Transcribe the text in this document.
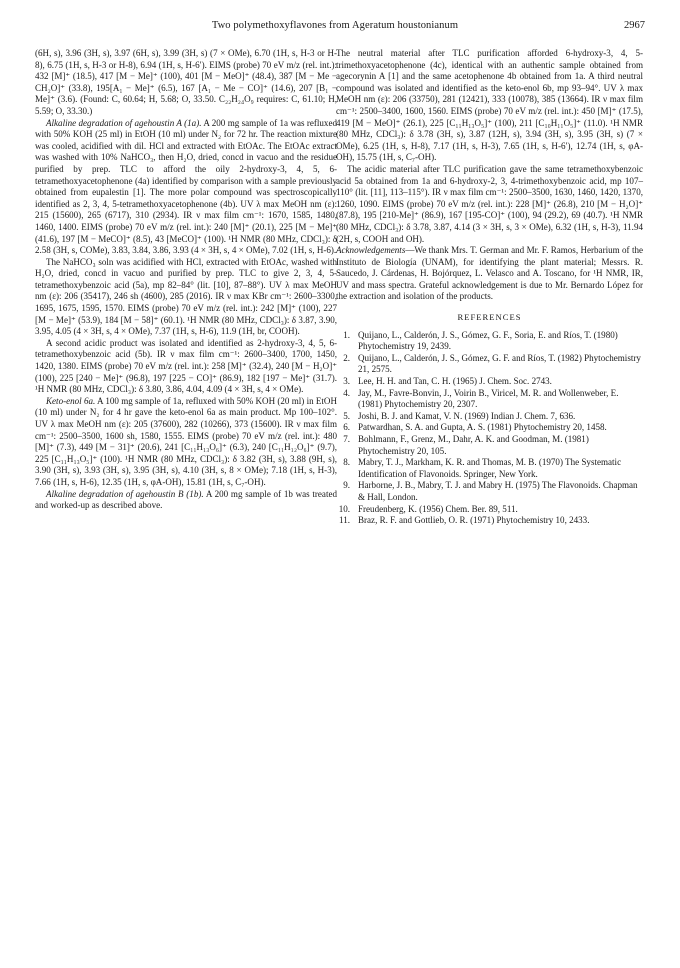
Two polymethoxyflavones from Ageratum houstonianum	2967

(6H, s), 3.96 (3H, s), 3.97 (6H, s), 3.99 (3H, s) (7 × OMe), 6.70 (1H, s, H-3 or H-8), 6.75 (1H, s, H-3 or H-8), 6.94 (1H, s, H-6′). EIMS (probe) 70 eV m/z (rel. int.): 432 [M]⁺ (18.5), 417 [M − Me]⁺ (100), 401 [M − MeO]⁺ (48.4), 387 [M − Me − CH₂O]⁺ (33.8), 195[A₁ − Me]⁺ (6.5), 167 [A₁ − Me − CO]⁺ (14.6), 207 [B₁ − Me]⁺ (3.6). (Found: C, 60.64; H, 5.68; O, 33.50. C₂₂H₂₄O₉ requires: C, 61.10; H, 5.59; O, 33.30.)

Alkaline degradation of agehoustin A (1a). A 200 mg sample of 1a was refluxed with 50% KOH (25 ml) in EtOH (10 ml) under N₂ for 72 hr. The reaction mixture was cooled, acidified with dil. HCl and extracted with EtOAc. The EtOAc extract was washed with 10% NaHCO₃, then H₂O, dried, concd in vacuo and the residue purified by prep. TLC to afford the oily 2-hydroxy-3, 4, 5, 6-tetramethoxyacetophenone (4a) identified by comparison with a sample previously obtained from eupalestin [1]. The more polar compound was spectroscopically identified as 2, 3, 4, 5-tetramethoxyacetophenone (4b). UV λ max MeOH nm (ε): 215 (15600), 265 (6717), 310 (2934). IR ν max film cm⁻¹: 1670, 1585, 1480, 1460, 1400. EIMS (probe) 70 eV m/z (rel. int.): 240 [M]⁺ (20.1), 225 [M − Me]⁺ (41.6), 197 [M − MeCO]⁺ (8.5), 43 [MeCO]⁺ (100). ¹H NMR (80 MHz, CDCl₃): δ 2.58 (3H, s, COMe), 3.83, 3.84, 3.86, 3.93 (4 × 3H, s, 4 × OMe), 7.02 (1H, s, H-6).

The NaHCO₃ soln was acidified with HCl, extracted with EtOAc, washed with H₂O, dried, concd in vacuo and purified by prep. TLC to give 2, 3, 4, 5-tetramethoxybenzoic acid (5a), mp 82–84° (lit. [10], 87–88°). UV λ max MeOH nm (ε): 206 (35417), 246 sh (4600), 285 (2016). IR ν max KBr cm⁻¹: 2600–3300, 1695, 1675, 1595, 1570. EIMS (probe) 70 eV m/z (rel. int.): 242 [M]⁺ (100), 227 [M − Me]⁺ (53.9), 184 [M − 58]⁺ (60.1). ¹H NMR (80 MHz, CDCl₃): δ 3.87, 3.90, 3.95, 4.05 (4 × 3H, s, 4 × OMe), 7.37 (1H, s, H-6), 11.9 (1H, br, COOH).

A second acidic product was isolated and identified as 2-hydroxy-3, 4, 5, 6-tetramethoxybenzoic acid (5b). IR ν max film cm⁻¹: 2600–3400, 1700, 1450, 1420, 1380. EIMS (probe) 70 eV m/z (rel. int.): 258 [M]⁺ (32.4), 240 [M − H₂O]⁺ (100), 225 [240 − Me]⁺ (96.8), 197 [225 − CO]⁺ (86.9), 182 [197 − Me]⁺ (31.7). ¹H NMR (80 MHz, CDCl₃): δ 3.80, 3.86, 4.04, 4.09 (4 × 3H, s, 4 × OMe).

Keto-enol 6a. A 100 mg sample of 1a, refluxed with 50% KOH (20 ml) in EtOH (10 ml) under N₂ for 4 hr gave the keto-enol 6a as main product. Mp 100–102°. UV λ max MeOH nm (ε): 205 (37600), 282 (10266), 373 (15600). IR ν max film cm⁻¹: 2500–3500, 1600 sh, 1580, 1555. EIMS (probe) 70 eV m/z (rel. int.): 480 [M]⁺ (7.3), 449 [M − 31]⁺ (20.6), 241 [C₁₁H₁₃O₆]⁺ (6.3), 240 [C₁₁H₁₂O₆]⁺ (9.7), 225 [C₁₁H₁₃O₅]⁺ (100). ¹H NMR (80 MHz, CDCl₃): δ 3.82 (3H, s), 3.88 (9H, s), 3.90 (3H, s), 3.93 (3H, s), 3.95 (3H, s), 4.10 (3H, s, 8 × OMe); 7.18 (1H, s, H-3), 7.66 (1H, s, H-6), 12.35 (1H, s, φA-OH), 15.81 (1H, s, C₇-OH).

Alkaline degradation of agehoustin B (1b). A 200 mg sample of 1b was treated and worked-up as described above.

The neutral material after TLC purification afforded 6-hydroxy-3, 4, 5-trimethoxyacetophenone (4c), identical with an authentic sample obtained from agecorynin A [1] and the same acetophenone 4b obtained from 1a. A third neutral compound was isolated and identified as the keto-enol 6b, mp 93–94°. UV λ max MeOH nm (ε): 206 (33750), 281 (12421), 333 (10078), 385 (13664). IR ν max film cm⁻¹: 2500–3400, 1600, 1560. EIMS (probe) 70 eV m/z (rel. int.): 450 [M]⁺ (17.5), 419 [M − MeO]⁺ (26.1), 225 [C₁₁H₁₃O₅]⁺ (100), 211 [C₁₀H₁₁O₅]⁺ (11.0). ¹H NMR (80 MHz, CDCl₃): δ 3.78 (3H, s), 3.87 (12H, s), 3.94 (3H, s), 3.95 (3H, s) (7 × OMe), 6.25 (1H, s, H-8), 7.17 (1H, s, H-3), 7.65 (1H, s, H-6′), 12.74 (1H, s, φA-OH), 15.75 (1H, s, C₇-OH).

The acidic material after TLC purification gave the same tetramethoxybenzoic acid 5a obtained from 1a and 6-hydroxy-2, 3, 4-trimethoxybenzoic acid, mp 107–110° (lit. [11], 113–115°). IR ν max film cm⁻¹: 2500–3500, 1630, 1460, 1420, 1370, 1260, 1090. EIMS (probe) 70 eV m/z (rel. int.): 228 [M]⁺ (26.8), 210 [M − H₂O]⁺ (87.8), 195 [210-Me]⁺ (86.9), 167 [195-CO]⁺ (100), 94 (29.2), 69 (40.7). ¹H NMR (80 MHz, CDCl₃): δ 3.78, 3.87, 4.14 (3 × 3H, s, 3 × OMe), 6.32 (1H, s, H-3), 11.94 (2H, s, COOH and OH).

Acknowledgements—We thank Mrs. T. German and Mr. F. Ramos, Herbarium of the Instituto de Biología (UNAM), for identifying the plant material; Messrs. R. Saucedo, J. Cárdenas, H. Bojórquez, L. Velasco and A. Toscano, for ¹H NMR, IR, UV and mass spectra. Grateful acknowledgement is due to Mr. Bernardo López for the extraction and isolation of the products.

REFERENCES
1. Quijano, L., Calderón, J. S., Gómez, G. F., Soria, E. and Ríos, T. (1980) Phytochemistry 19, 2439.
2. Quijano, L., Calderón, J. S., Gómez, G. F. and Ríos, T. (1982) Phytochemistry 21, 2575.
3. Lee, H. H. and Tan, C. H. (1965) J. Chem. Soc. 2743.
4. Jay, M., Favre-Bonvin, J., Voirin B., Viricel, M. R. and Wollenweber, E. (1981) Phytochemistry 20, 2307.
5. Joshi, B. J. and Kamat, V. N. (1969) Indian J. Chem. 7, 636.
6. Patwardhan, S. A. and Gupta, A. S. (1981) Phytochemistry 20, 1458.
7. Bohlmann, F., Grenz, M., Dahr, A. K. and Goodman, M. (1981) Phytochemistry 20, 105.
8. Mabry, T. J., Markham, K. R. and Thomas, M. B. (1970) The Systematic Identification of Flavonoids. Springer, New York.
9. Harborne, J. B., Mabry, T. J. and Mabry H. (1975) The Flavonoids. Chapman & Hall, London.
10. Freudenberg, K. (1956) Chem. Ber. 89, 511.
11. Braz, R. F. and Gottlieb, O. R. (1971) Phytochemistry 10, 2433.
